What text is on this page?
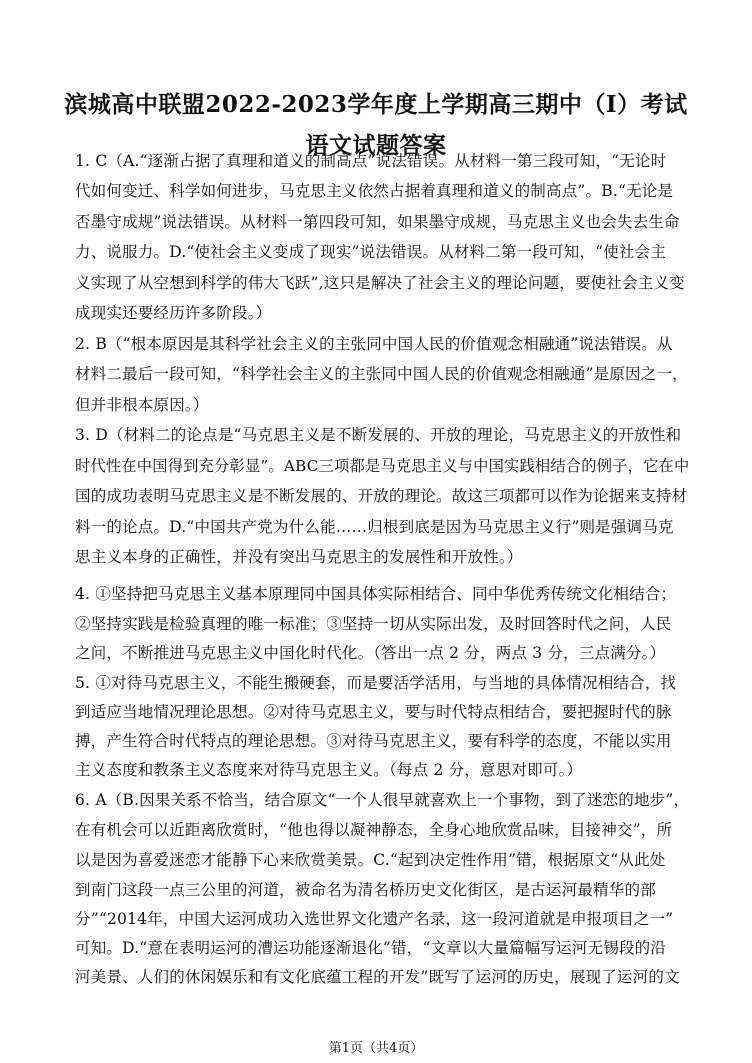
滨城高中联盟2022-2023学年度上学期高三期中（I）考试
语文试题答案
1. C（A.“逐渐占据了真理和道义的制高点”说法错误。从材料一第三段可知，“无论时
代如何变迁、科学如何进步，马克思主义依然占据着真理和道义的制高点”。B.“无论是
否墨守成规”说法错误。从材料一第四段可知，如果墨守成规，马克思主义也会失去生命
力、说服力。D.“使社会主义变成了现实”说法错误。从材料二第一段可知，“使社会主
义实现了从空想到科学的伟大飞跃”,这只是解决了社会主义的理论问题，要使社会主义变
成现实还要经历许多阶段。）
2. B（“根本原因是其科学社会主义的主张同中国人民的价值观念相融通”说法错误。从
材料二最后一段可知，“科学社会主义的主张同中国人民的价值观念相融通”是原因之一，
但并非根本原因。）
3. D（材料二的论点是“马克思主义是不断发展的、开放的理论，马克思主义的开放性和
时代性在中国得到充分彰显”。ABC三项都是马克思主义与中国实践相结合的例子，它在中
国的成功表明马克思主义是不断发展的、开放的理论。故这三项都可以作为论据来支持材
料一的论点。D.“中国共产党为什么能……归根到底是因为马克思主义行”则是强调马克
思主义本身的正确性，并没有突出马克思主的发展性和开放性。）
4. ①坚持把马克思主义基本原理同中国具体实际相结合、同中华优秀传统文化相结合；
②坚持实践是检验真理的唯一标准；③坚持一切从实际出发，及时回答时代之问，人民
之问，不断推进马克思主义中国化时代化。（答出一点 2 分，两点 3 分，三点满分。）
5. ①对待马克思主义，不能生搬硬套，而是要活学活用，与当地的具体情况相结合，找
到适应当地情况理论思想。②对待马克思主义，要与时代特点相结合，要把握时代的脉
搏，产生符合时代特点的理论思想。③对待马克思主义，要有科学的态度，不能以实用
主义态度和教条主义态度来对待马克思主义。（每点 2 分，意思对即可。）
6. A（B.因果关系不恰当，结合原文“一个人很早就喜欢上一个事物，到了迷恋的地步”，
在有机会可以近距离欣赏时，“他也得以凝神静态，全身心地欣赏品味，目接神交”，所
以是因为喜爱迷恋才能静下心来欣赏美景。C.“起到决定性作用”错，根据原文“从此处
到南门这段一点三公里的河道，被命名为清名桥历史文化街区，是古运河最精华的部
分”“2014年，中国大运河成功入选世界文化遗产名录，这一段河道就是申报项目之一”
可知。D.“意在表明运河的漕运功能逐渐退化”错，“文章以大量篇幅写运河无锡段的沿
河美景、人们的休闲娱乐和有文化底蕴工程的开发”既写了运河的历史，展现了运河的文
第1页（共4页）
